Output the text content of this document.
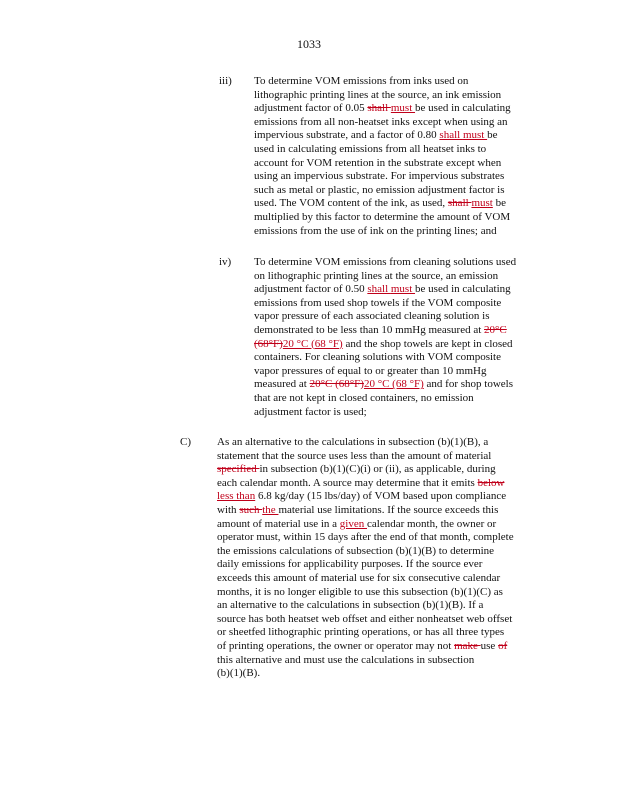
1033
iii) To determine VOM emissions from inks used on
lithographic printing lines at the source, an ink emission
adjustment factor of 0.05 shall must be used in calculating
emissions from all non-heatset inks except when using an
impervious substrate, and a factor of 0.80 shall must be
used in calculating emissions from all heatset inks to
account for VOM retention in the substrate except when
using an impervious substrate. For impervious substrates
such as metal or plastic, no emission adjustment factor is
used. The VOM content of the ink, as used, shall must be
multiplied by this factor to determine the amount of VOM
emissions from the use of ink on the printing lines; and
iv) To determine VOM emissions from cleaning solutions used
on lithographic printing lines at the source, an emission
adjustment factor of 0.50 shall must be used in calculating
emissions from used shop towels if the VOM composite
vapor pressure of each associated cleaning solution is
demonstrated to be less than 10 mmHg measured at 20°C
(68°F)20 °C (68 °F) and the shop towels are kept in closed
containers. For cleaning solutions with VOM composite
vapor pressures of equal to or greater than 10 mmHg
measured at 20°C (68°F)20 °C (68 °F) and for shop towels
that are not kept in closed containers, no emission
adjustment factor is used;
C) As an alternative to the calculations in subsection (b)(1)(B), a
statement that the source uses less than the amount of material
specified in subsection (b)(1)(C)(i) or (ii), as applicable, during
each calendar month. A source may determine that it emits below
less than 6.8 kg/day (15 lbs/day) of VOM based upon compliance
with such the material use limitations. If the source exceeds this
amount of material use in a given calendar month, the owner or
operator must, within 15 days after the end of that month, complete
the emissions calculations of subsection (b)(1)(B) to determine
daily emissions for applicability purposes. If the source ever
exceeds this amount of material use for six consecutive calendar
months, it is no longer eligible to use this subsection (b)(1)(C) as
an alternative to the calculations in subsection (b)(1)(B). If a
source has both heatset web offset and either nonheatset web offset
or sheetfed lithographic printing operations, or has all three types
of printing operations, the owner or operator may not make use of
this alternative and must use the calculations in subsection
(b)(1)(B).
